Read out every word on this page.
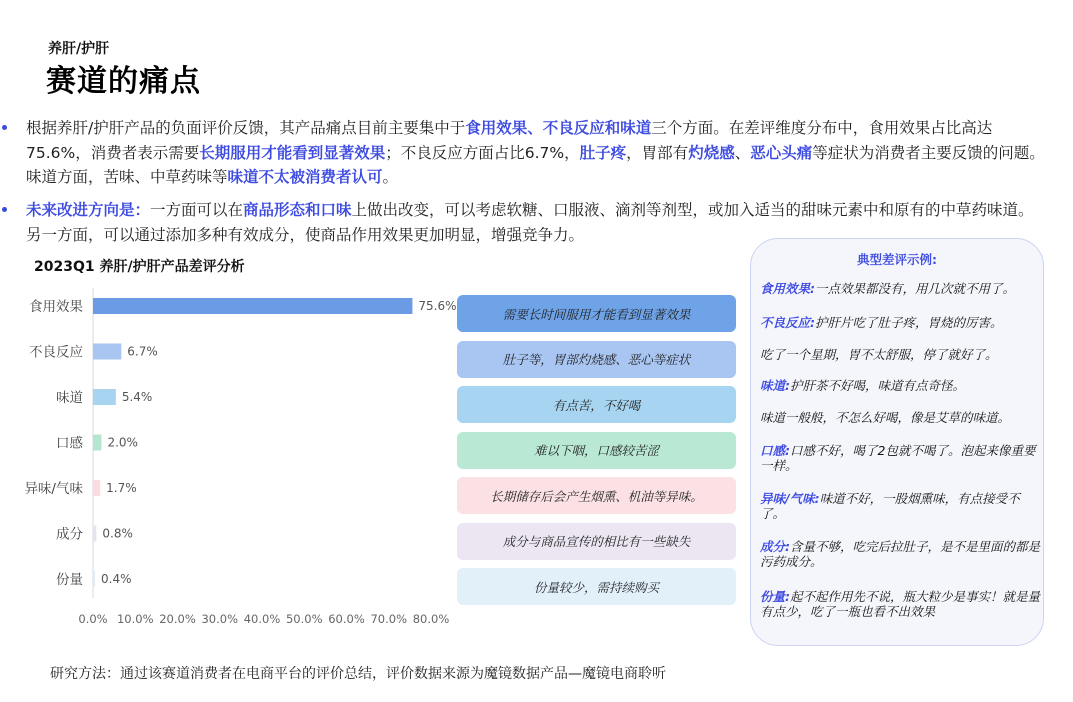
养肝/护肝
赛道的痛点
根据养肝/护肝产品的负面评价反馈，其产品痛点目前主要集中于食用效果、不良反应和味道三个方面。在差评维度分布中，食用效果占比高达75.6%，消费者表示需要长期服用才能看到显著效果；不良反应方面占比6.7%，肚子疼，胃部有灼烧感、恶心头痛等症状为消费者主要反馈的问题。味道方面，苦味、中草药味等味道不太被消费者认可。
未来改进方向是：一方面可以在商品形态和口味上做出改变，可以考虑软糖、口服液、滴剂等剂型，或加入适当的甜味元素中和原有的中草药味道。另一方面，可以通过添加多种有效成分，使商品作用效果更加明显，增强竞争力。
2023Q1 养肝/护肝产品差评分析
食用效果	75.6%
不良反应	6.7%
味道	5.4%
口感 2.0%
异味/气味 1.7%
成分 0.8%
份量 0.4%
0.0% 10.0% 20.0% 30.0% 40.0% 50.0% 60.0% 70.0% 80.0%
需要长时间服用才能看到显著效果
肚子等，胃部灼烧感、恶心等症状
有点苦，不好喝
难以下咽，口感较苦涩
长期储存后会产生烟熏、机油等异味。
成分与商品宣传的相比有一些缺失
份量较少，需持续购买
典型差评示例:
食用效果:一点效果都没有，用几次就不用了。
不良反应:护肝片吃了肚子疼，胃烧的厉害。
吃了一个星期，胃不太舒服，停了就好了。
味道:护肝茶不好喝，味道有点奇怪。
味道一般般，不怎么好喝，像是艾草的味道。
口感:口感不好，喝了2包就不喝了。泡起来像重要一样。
异味/气味:味道不好，一股烟熏味，有点接受不了。
成分:含量不够，吃完后拉肚子，是不是里面的都是污药成分。
份量:起不起作用先不说，瓶大粒少是事实！就是量有点少，吃了一瓶也看不出效果
研究方法：通过该赛道消费者在电商平台的评价总结，评价数据来源为魔镜数据产品—魔镜电商聆听
